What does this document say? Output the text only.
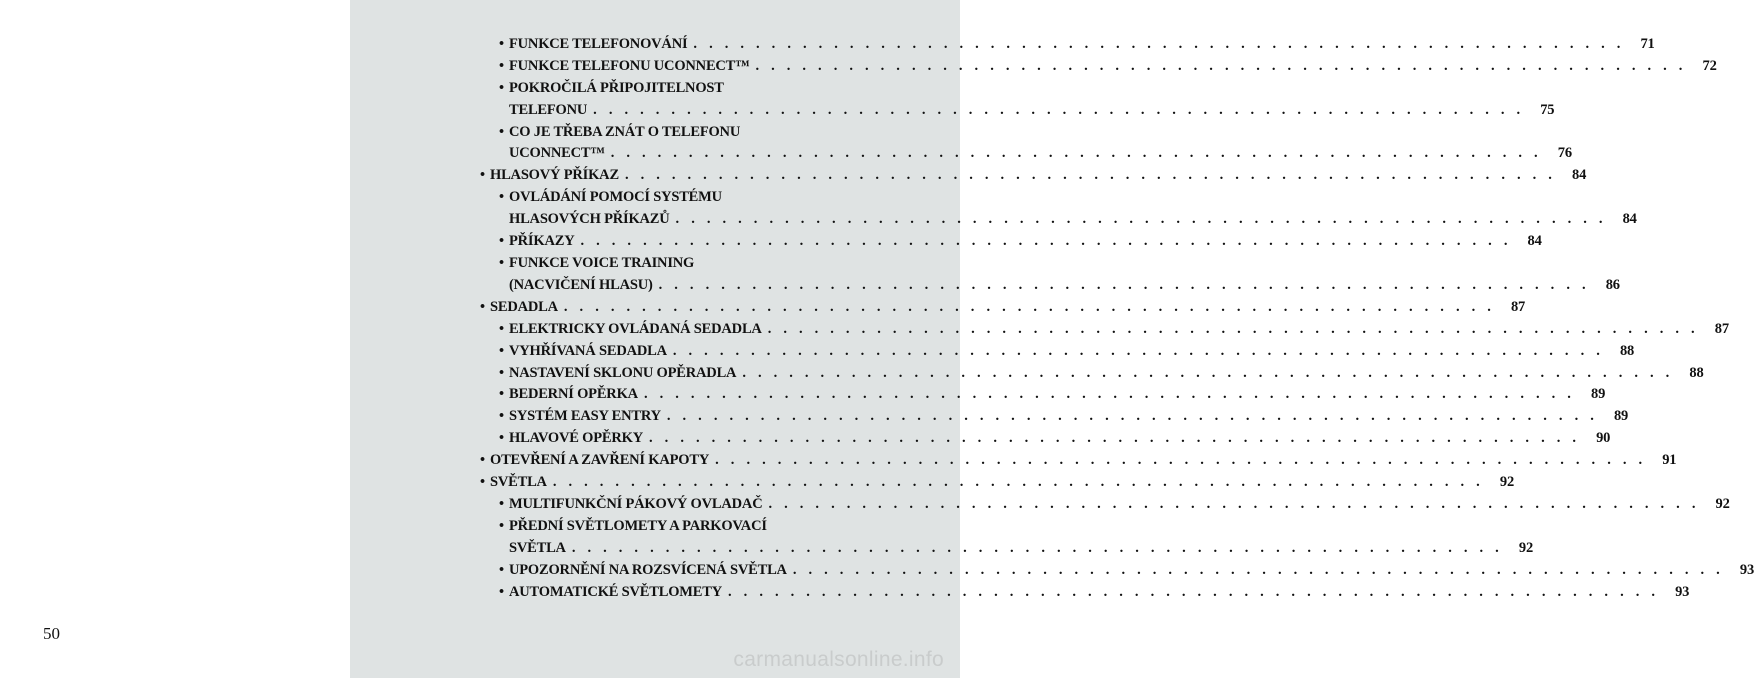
50
• FUNKCE TELEFONOVÁNÍ . . . . . . . . . . . . . . . . . . . . . . . . . . . . . . . . . . . . . . . . . . . . . . . . . . . . . . . . . . . .	71
• FUNKCE TELEFONU UCONNECT™ . . . . . . . . . . . . . . . . . . . . . . . . . . . . . . . . . . . . . . . . . . . . . . . . . . . . . . . . . . . .	72
• POKROČILÁ PŘIPOJITELNOST
TELEFONU . . . . . . . . . . . . . . . . . . . . . . . . . . . . . . . . . . . . . . . . . . . . . . . . . . . . . . . . . . . .	75
• CO JE TŘEBA ZNÁT O TELEFONU
UCONNECT™ . . . . . . . . . . . . . . . . . . . . . . . . . . . . . . . . . . . . . . . . . . . . . . . . . . . . . . . . . . . .	76
• HLASOVÝ PŘÍKAZ . . . . . . . . . . . . . . . . . . . . . . . . . . . . . . . . . . . . . . . . . . . . . . . . . . . . . . . . . . . .	84
• OVLÁDÁNÍ POMOCÍ SYSTÉMU
HLASOVÝCH PŘÍKAZŮ . . . . . . . . . . . . . . . . . . . . . . . . . . . . . . . . . . . . . . . . . . . . . . . . . . . . . . . . . . . .	84
• PŘÍKAZY . . . . . . . . . . . . . . . . . . . . . . . . . . . . . . . . . . . . . . . . . . . . . . . . . . . . . . . . . . . .	84
• FUNKCE VOICE TRAINING
(NACVIČENÍ HLASU) . . . . . . . . . . . . . . . . . . . . . . . . . . . . . . . . . . . . . . . . . . . . . . . . . . . . . . . . . . . .	86
• SEDADLA . . . . . . . . . . . . . . . . . . . . . . . . . . . . . . . . . . . . . . . . . . . . . . . . . . . . . . . . . . . .	87
• ELEKTRICKY OVLÁDANÁ SEDADLA . . . . . . . . . . . . . . . . . . . . . . . . . . . . . . . . . . . . . . . . . . . . . . . . . . . . . . . . . . . .	87
• VYHŘÍVANÁ SEDADLA . . . . . . . . . . . . . . . . . . . . . . . . . . . . . . . . . . . . . . . . . . . . . . . . . . . . . . . . . . . .	88
• NASTAVENÍ SKLONU OPĚRADLA . . . . . . . . . . . . . . . . . . . . . . . . . . . . . . . . . . . . . . . . . . . . . . . . . . . . . . . . . . . .	88
• BEDERNÍ OPĚRKA . . . . . . . . . . . . . . . . . . . . . . . . . . . . . . . . . . . . . . . . . . . . . . . . . . . . . . . . . . . .	89
• SYSTÉM EASY ENTRY . . . . . . . . . . . . . . . . . . . . . . . . . . . . . . . . . . . . . . . . . . . . . . . . . . . . . . . . . . . .	89
• HLAVOVÉ OPĚRKY . . . . . . . . . . . . . . . . . . . . . . . . . . . . . . . . . . . . . . . . . . . . . . . . . . . . . . . . . . . .	90
• OTEVŘENÍ A ZAVŘENÍ KAPOTY . . . . . . . . . . . . . . . . . . . . . . . . . . . . . . . . . . . . . . . . . . . . . . . . . . . . . . . . . . . .	91
• SVĚTLA . . . . . . . . . . . . . . . . . . . . . . . . . . . . . . . . . . . . . . . . . . . . . . . . . . . . . . . . . . . .	92
• MULTIFUNKČNÍ PÁKOVÝ OVLADAČ . . . . . . . . . . . . . . . . . . . . . . . . . . . . . . . . . . . . . . . . . . . . . . . . . . . . . . . . . . . .	92
• PŘEDNÍ SVĚTLOMETY A PARKOVACÍ
SVĚTLA . . . . . . . . . . . . . . . . . . . . . . . . . . . . . . . . . . . . . . . . . . . . . . . . . . . . . . . . . . . .	92
• UPOZORNĚNÍ NA ROZSVÍCENÁ SVĚTLA . . . . . . . . . . . . . . . . . . . . . . . . . . . . . . . . . . . . . . . . . . . . . . . . . . . . . . . . . . . .	93
• AUTOMATICKÉ SVĚTLOMETY . . . . . . . . . . . . . . . . . . . . . . . . . . . . . . . . . . . . . . . . . . . . . . . . . . . . . . . . . . . .	93
carmanualsonline.info
